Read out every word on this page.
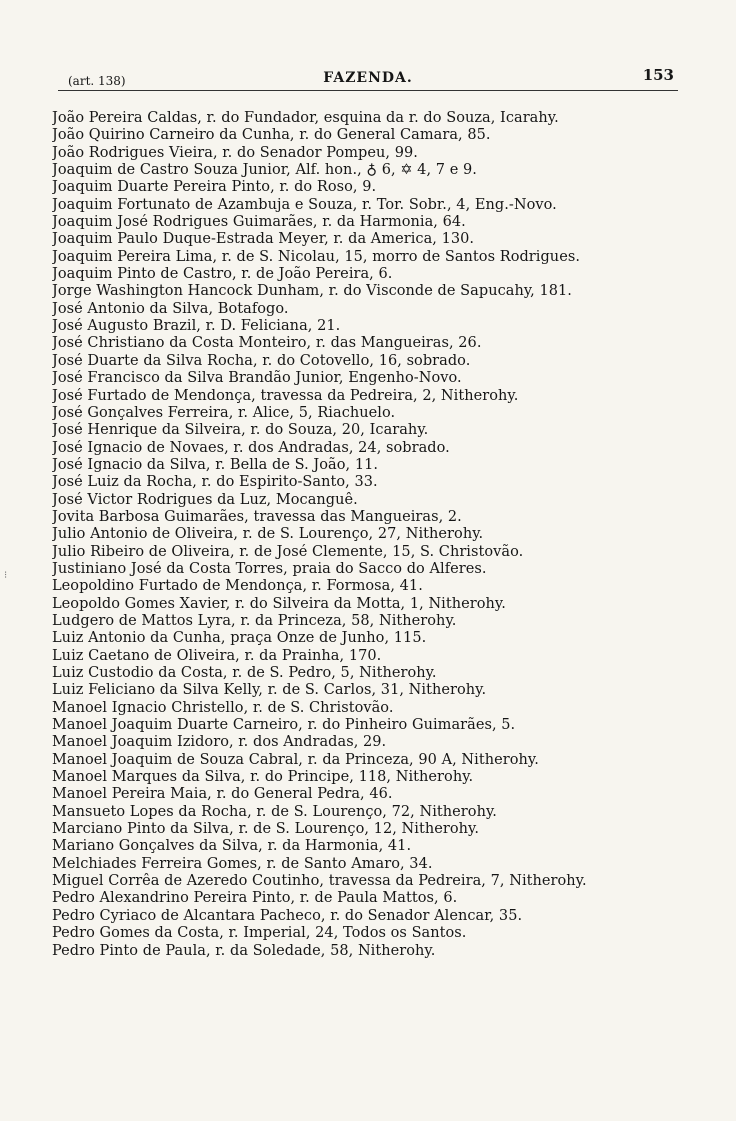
(art. 138)	FAZENDA.	153
⁝
João Pereira Caldas, r. do Fundador, esquina da r. do Souza, Icarahy.
João Quirino Carneiro da Cunha, r. do General Camara, 85.
João Rodrigues Vieira, r. do Senador Pompeu, 99.
Joaquim de Castro Souza Junior, Alf. hon., ♁ 6, ✡ 4, 7 e 9.
Joaquim Duarte Pereira Pinto, r. do Roso, 9.
Joaquim Fortunato de Azambuja e Souza, r. Tor. Sobr., 4, Eng.-Novo.
Joaquim José Rodrigues Guimarães, r. da Harmonia, 64.
Joaquim Paulo Duque-Estrada Meyer, r. da America, 130.
Joaquim Pereira Lima, r. de S. Nicolau, 15, morro de Santos Rodrigues.
Joaquim Pinto de Castro, r. de João Pereira, 6.
Jorge Washington Hancock Dunham, r. do Visconde de Sapucahy, 181.
José Antonio da Silva, Botafogo.
José Augusto Brazil, r. D. Feliciana, 21.
José Christiano da Costa Monteiro, r. das Mangueiras, 26.
José Duarte da Silva Rocha, r. do Cotovello, 16, sobrado.
José Francisco da Silva Brandão Junior, Engenho-Novo.
José Furtado de Mendonça, travessa da Pedreira, 2, Nitherohy.
José Gonçalves Ferreira, r. Alice, 5, Riachuelo.
José Henrique da Silveira, r. do Souza, 20, Icarahy.
José Ignacio de Novaes, r. dos Andradas, 24, sobrado.
José Ignacio da Silva, r. Bella de S. João, 11.
José Luiz da Rocha, r. do Espirito-Santo, 33.
José Victor Rodrigues da Luz, Mocanguê.
Jovita Barbosa Guimarães, travessa das Mangueiras, 2.
Julio Antonio de Oliveira, r. de S. Lourenço, 27, Nitherohy.
Julio Ribeiro de Oliveira, r. de José Clemente, 15, S. Christovão.
Justiniano José da Costa Torres, praia do Sacco do Alferes.
Leopoldino Furtado de Mendonça, r. Formosa, 41.
Leopoldo Gomes Xavier, r. do Silveira da Motta, 1, Nitherohy.
Ludgero de Mattos Lyra, r. da Princeza, 58, Nitherohy.
Luiz Antonio da Cunha, praça Onze de Junho, 115.
Luiz Caetano de Oliveira, r. da Prainha, 170.
Luiz Custodio da Costa, r. de S. Pedro, 5, Nitherohy.
Luiz Feliciano da Silva Kelly, r. de S. Carlos, 31, Nitherohy.
Manoel Ignacio Christello, r. de S. Christovão.
Manoel Joaquim Duarte Carneiro, r. do Pinheiro Guimarães, 5.
Manoel Joaquim Izidoro, r. dos Andradas, 29.
Manoel Joaquim de Souza Cabral, r. da Princeza, 90 A, Nitherohy.
Manoel Marques da Silva, r. do Principe, 118, Nitherohy.
Manoel Pereira Maia, r. do General Pedra, 46.
Mansueto Lopes da Rocha, r. de S. Lourenço, 72, Nitherohy.
Marciano Pinto da Silva, r. de S. Lourenço, 12, Nitherohy.
Mariano Gonçalves da Silva, r. da Harmonia, 41.
Melchiades Ferreira Gomes, r. de Santo Amaro, 34.
Miguel Corrêa de Azeredo Coutinho, travessa da Pedreira, 7, Nitherohy.
Pedro Alexandrino Pereira Pinto, r. de Paula Mattos, 6.
Pedro Cyriaco de Alcantara Pacheco, r. do Senador Alencar, 35.
Pedro Gomes da Costa, r. Imperial, 24, Todos os Santos.
Pedro Pinto de Paula, r. da Soledade, 58, Nitherohy.
